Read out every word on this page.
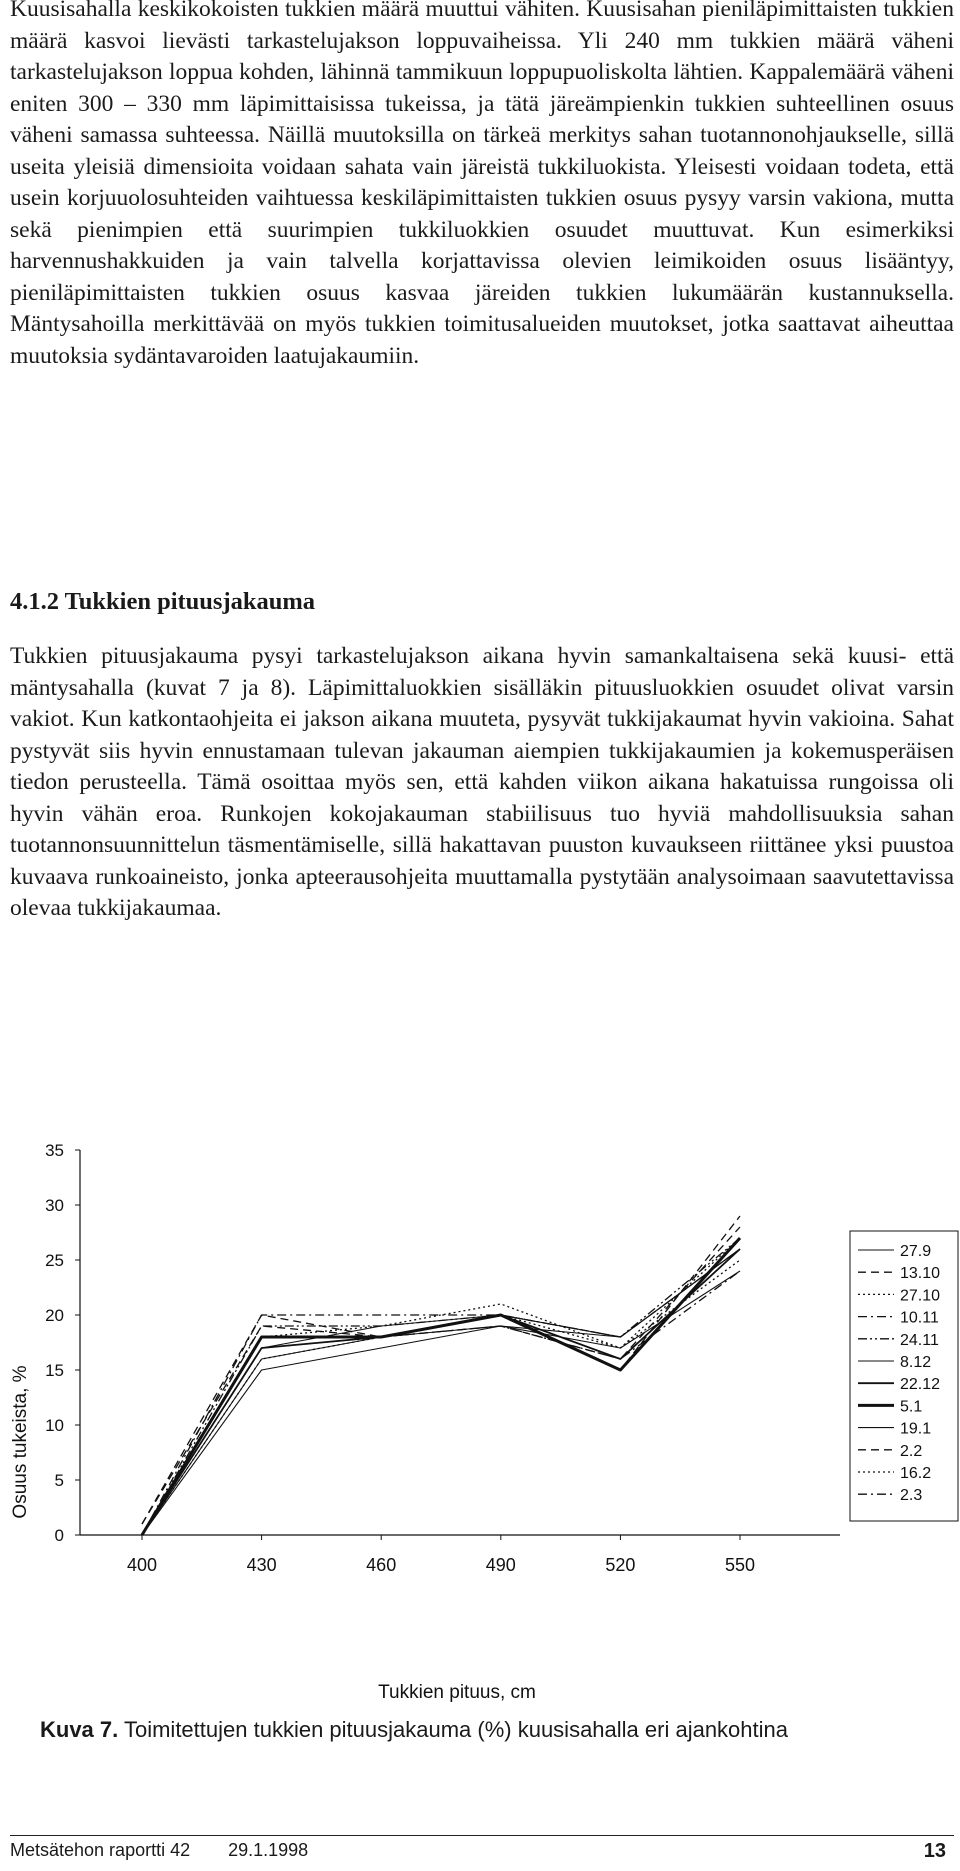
Kuusisahalla keskikokoisten tukkien määrä muuttui vähiten. Kuusisahan pieniläpimittaisten tukkien määrä kasvoi lievästi tarkastelujakson loppuvaiheissa. Yli 240 mm tukkien määrä väheni tarkastelujakson loppua kohden, lähinnä tammikuun loppupuoliskolta lähtien. Kappalemäärä väheni eniten 300 – 330 mm läpimittaisissa tukeissa, ja tätä järeämpienkin tukkien suhteellinen osuus väheni samassa suhteessa. Näillä muutoksilla on tärkeä merkitys sahan tuotannonohjaukselle, sillä useita yleisiä dimensioita voidaan sahata vain järeistä tukkiluokista. Yleisesti voidaan todeta, että usein korjuuolosuhteiden vaihtuessa keskiläpimittaisten tukkien osuus pysyy varsin vakiona, mutta sekä pienimpien että suurimpien tukkiluokkien osuudet muuttuvat. Kun esimerkiksi harvennushakkuiden ja vain talvella korjattavissa olevien leimikoiden osuus lisääntyy, pieniläpimittaisten tukkien osuus kasvaa järeiden tukkien lukumäärän kustannuksella. Mäntysahoilla merkittävää on myös tukkien toimitusalueiden muutokset, jotka saattavat aiheuttaa muutoksia sydäntavaroiden laatujakaumiin.

4.1.2 Tukkien pituusjakauma

Tukkien pituusjakauma pysyi tarkastelujakson aikana hyvin samankaltaisena sekä kuusi- että mäntysahalla (kuvat 7 ja 8). Läpimittaluokkien sisälläkin pituusluokkien osuudet olivat varsin vakiot. Kun katkontaohjeita ei jakson aikana muuteta, pysyvät tukkijakaumat hyvin vakioina. Sahat pystyvät siis hyvin ennustamaan tulevan jakauman aiempien tukkijakaumien ja kokemusperäisen tiedon perusteella. Tämä osoittaa myös sen, että kahden viikon aikana hakatuissa rungoissa oli hyvin vähän eroa. Runkojen kokojakauman stabiilisuus tuo hyviä mahdollisuuksia sahan tuotannonsuunnittelun täsmentämiselle, sillä hakattavan puuston kuvaukseen riittänee yksi puustoa kuvaava runkoaineisto, jonka apteerausohjeita muuttamalla pystytään analysoimaan saavutettavissa olevaa tukkijakaumaa.

0
5
10
15
20
25
30
35
400	430	460	490	520	550
Osuus tukeista, %
Tukkien pituus, cm
27.9
13.10
27.10
10.11
24.11
8.12
22.12
5.1
19.1
2.2
16.2
2.3

Kuva 7. Toimitettujen tukkien pituusjakauma (%) kuusisahalla eri ajankohtina

Metsätehon raportti 42 29.1.1998	13
